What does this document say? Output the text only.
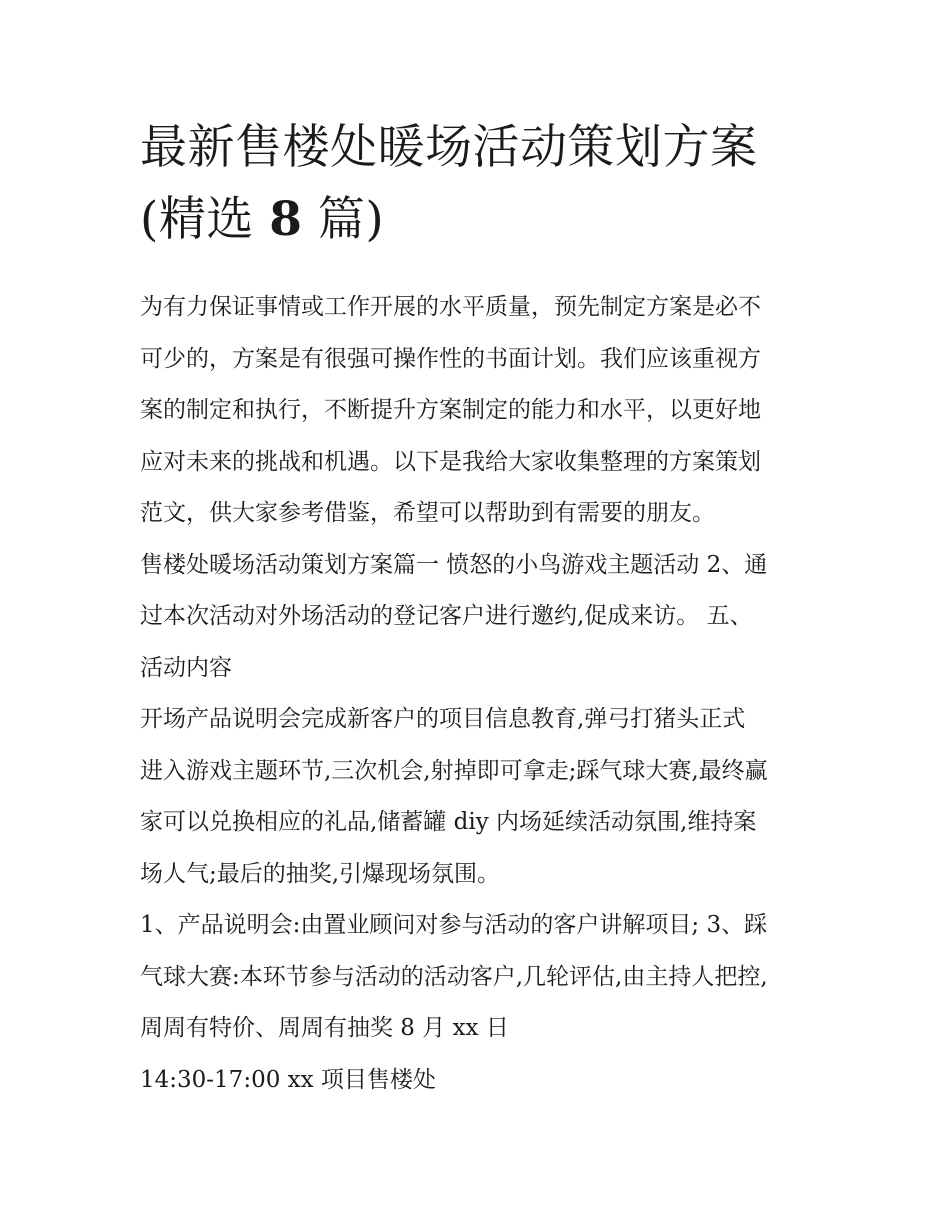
最新售楼处暖场活动策划方案
(精选 8 篇)
为有力保证事情或工作开展的水平质量，预先制定方案是必不
可少的，方案是有很强可操作性的书面计划。我们应该重视方
案的制定和执行，不断提升方案制定的能力和水平，以更好地
应对未来的挑战和机遇。以下是我给大家收集整理的方案策划
范文，供大家参考借鉴，希望可以帮助到有需要的朋友。
售楼处暖场活动策划方案篇一 愤怒的小鸟游戏主题活动 2、通
过本次活动对外场活动的登记客户进行邀约,促成来访。 五、
活动内容
开场产品说明会完成新客户的项目信息教育,弹弓打猪头正式
进入游戏主题环节,三次机会,射掉即可拿走;踩气球大赛,最终赢
家可以兑换相应的礼品,储蓄罐 diy 内场延续活动氛围,维持案
场人气;最后的抽奖,引爆现场氛围。
1、产品说明会:由置业顾问对参与活动的客户讲解项目; 3、踩
气球大赛:本环节参与活动的活动客户,几轮评估,由主持人把控,
周周有特价、周周有抽奖 8 月 xx 日
14:30-17:00 xx 项目售楼处
